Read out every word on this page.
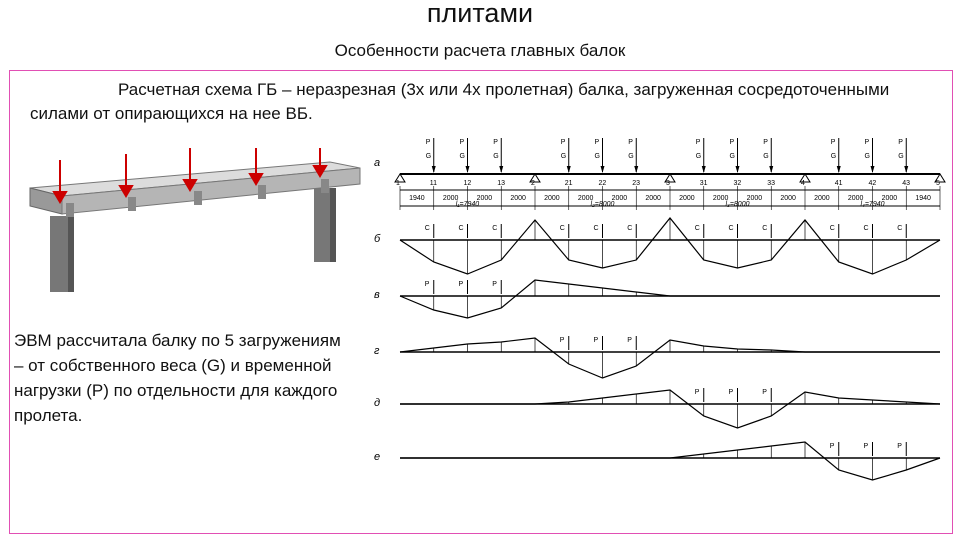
плитами
Особенности расчета главных балок
Расчетная схема ГБ – неразрезная (3х или 4х пролетная) балка, загруженная сосредоточенными силами от опирающихся на нее ВБ.
ЭВМ рассчитала балку по 5 загружениям – от собственного веса (G) и временной нагрузки (Р) по отдельности для каждого пролета.
а
б
в
г
д
е
P
G
P
G
P
G
P
G
P
G
P
G
P
G
P
G
P
G
P
G
P
G
P
G
1	11	12	13	2	21	22	23	3	31	32	33	4	41	42	43	5
1940	2000	2000	2000	2000	2000	2000	2000	2000	2000	2000	2000	2000	2000	2000	1940
l₁=7940	l₂=8000	l₃=8000	l₄=7940
C	C	C	C	C	C	C	C	C	C	C	C
P	P	P
P	P	P
P	P	P
P	P	P
